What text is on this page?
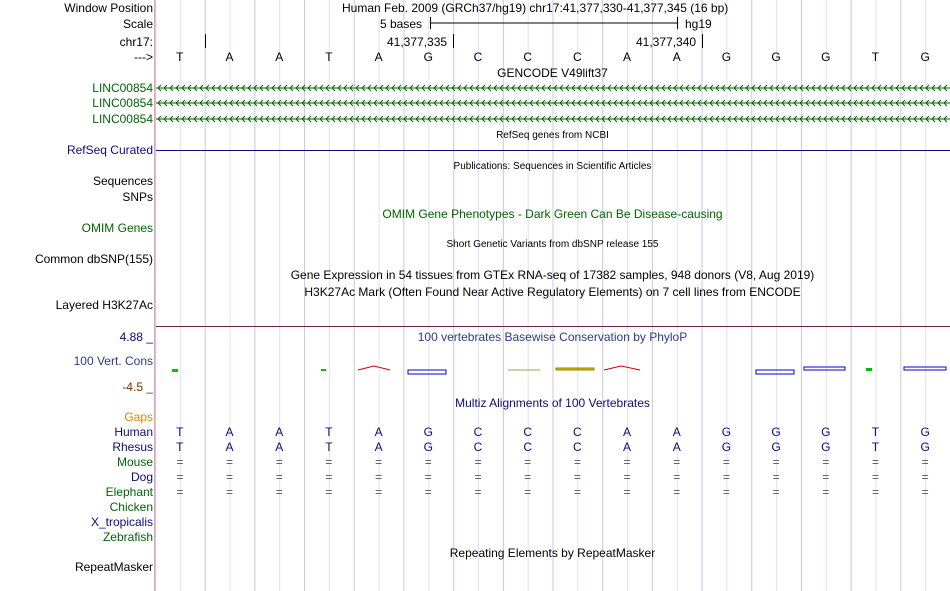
Window Position
Scale
chr17:
--->
Human Feb. 2009 (GRCh37/hg19) chr17:41,377,330-41,377,345 (16 bp)
5 bases	hg19
41,377,335	41,377,340
T	A	A	T	A	G	C	C	C	A	A	G	G	G	T	G
GENCODE V49lift37
LINC00854
LINC00854
LINC00854
RefSeq genes from NCBI
RefSeq Curated
Publications: Sequences in Scientific Articles
Sequences
SNPs
OMIM Gene Phenotypes - Dark Green Can Be Disease-causing
OMIM Genes
Short Genetic Variants from dbSNP release 155
Common dbSNP(155)
Gene Expression in 54 tissues from GTEx RNA-seq of 17382 samples, 948 donors (V8, Aug 2019)
H3K27Ac Mark (Often Found Near Active Regulatory Elements) on 7 cell lines from ENCODE
Layered H3K27Ac
4.88 _	100 vertebrates Basewise Conservation by PhyloP
100 Vert. Cons
-4.5 _
Multiz Alignments of 100 Vertebrates
Gaps
Human	T	A	A	T	A	G	C	C	C	A	A	G	G	G	T	G
Rhesus	T	A	A	T	A	G	C	C	C	A	A	G	G	G	T	G
Mouse	=	=	=	=	=	=	=	=	=	=	=	=	=	=	=	=
Dog	=	=	=	=	=	=	=	=	=	=	=	=	=	=	=	=
Elephant	=	=	=	=	=	=	=	=	=	=	=	=	=	=	=	=
Chicken
X_tropicalis
Zebrafish
Repeating Elements by RepeatMasker
RepeatMasker
